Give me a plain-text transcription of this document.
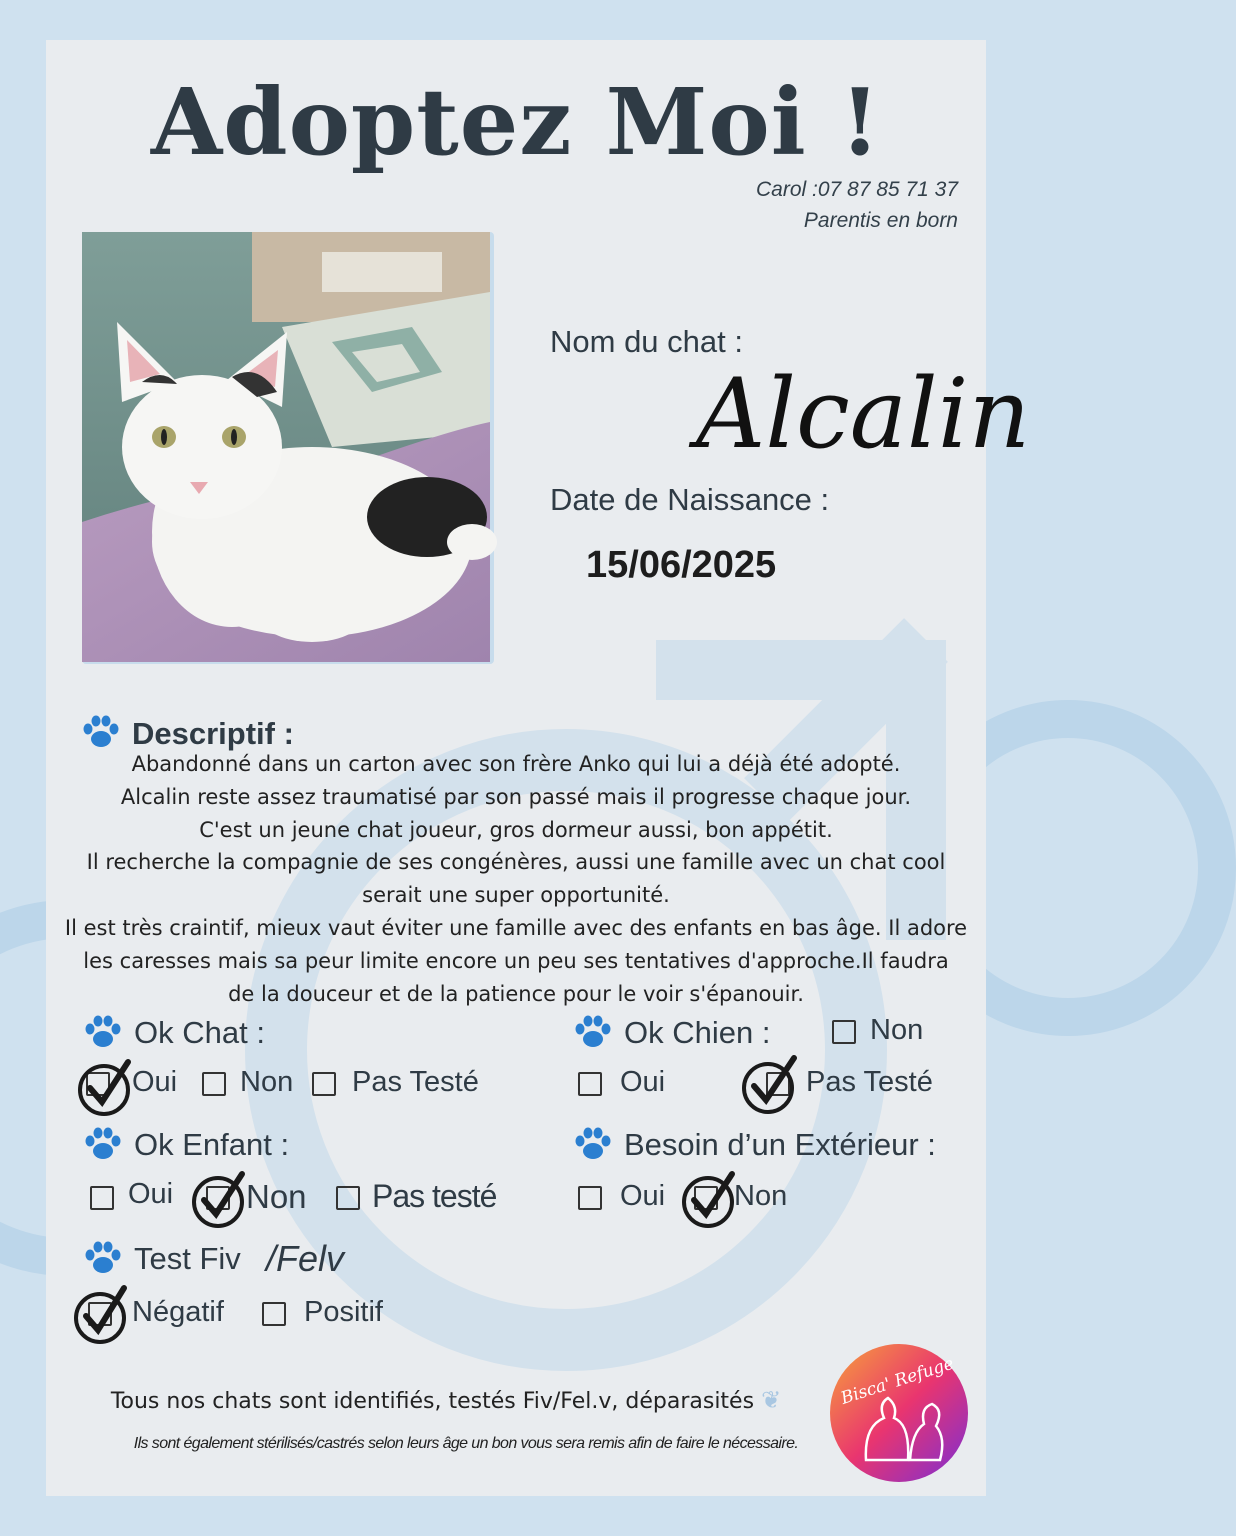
Adoptez Moi !
Carol :07 87 85 71 37
Parentis en born
Nom du chat :
Alcalin
Date de Naissance :
15/06/2025
Descriptif :

Abandonné dans un carton avec son frère Anko qui lui a déjà été adopté.

Alcalin reste assez traumatisé par son passé mais il progresse chaque jour.

C'est un jeune chat joueur, gros dormeur aussi, bon appétit.

Il recherche la compagnie de ses congénères, aussi une famille avec un chat cool

serait une super opportunité.

Il est très craintif, mieux vaut éviter une famille avec des enfants en bas âge. Il adore

les caresses mais sa peur limite encore un peu ses tentatives d'approche.Il faudra

de la douceur et de la patience pour le voir s'épanouir.

Ok Chat :
Oui Non Pas Testé
Ok Chien :	Non
Oui	Pas Testé
Ok Enfant :
Oui Non Pas testé
Besoin d’un Extérieur :
Oui Non
Test Fiv /Felv
Négatif	Positif
Tous nos chats sont identifiés, testés Fiv/Fel.v, déparasités ❦
Ils sont également stérilisés/castrés selon leurs âge un bon vous sera remis afin de faire le nécessaire.
Bisca' Refuge
